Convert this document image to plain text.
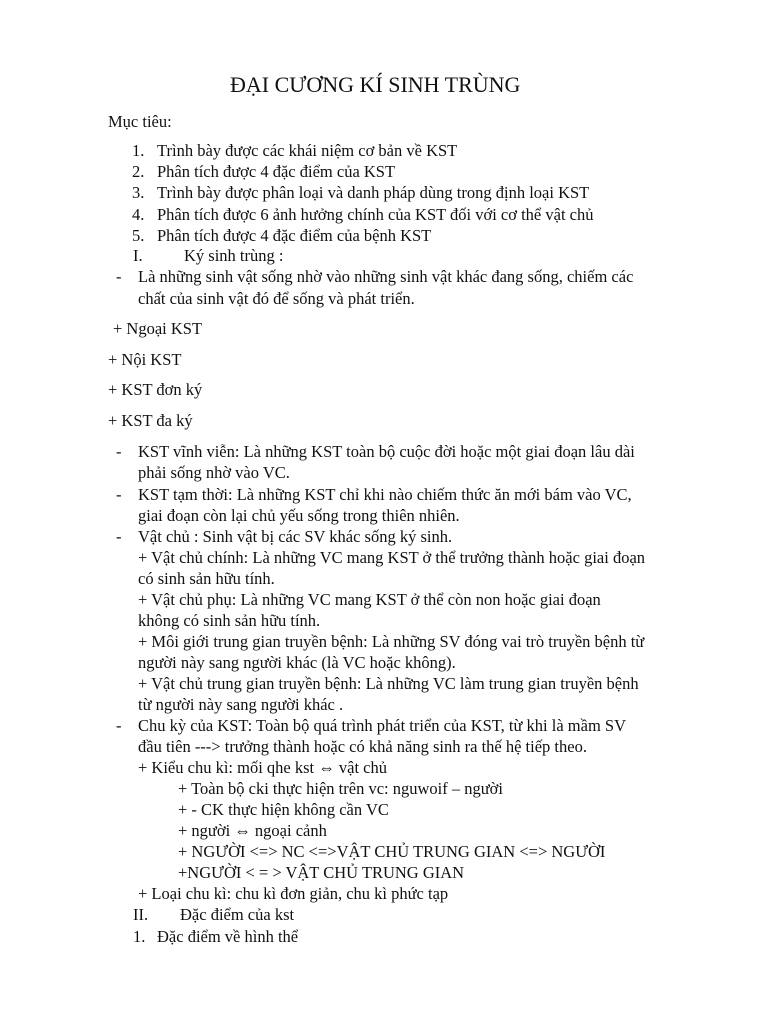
ĐẠI CƯƠNG KÍ SINH TRÙNG
Mục tiêu:
1. Trình bày được các khái niệm cơ bản về KST
2. Phân tích được 4 đặc điểm của KST
3. Trình bày được phân loại và danh pháp dùng trong định loại KST
4. Phân tích được 6 ảnh hưởng chính của KST đối với cơ thể vật chủ
5. Phân tích được 4 đặc điểm của bệnh KST
I.	Ký sinh trùng :
- Là những sinh vật sống nhờ vào những sinh vật khác đang sống, chiếm các
chất của sinh vật đó để sống và phát triển.
+ Ngoại KST
+ Nội KST
+ KST đơn ký
+ KST đa ký
- KST vĩnh viễn: Là những KST toàn bộ cuộc đời hoặc một giai đoạn lâu dài
phải sống nhờ vào VC.
- KST tạm thời: Là những KST chỉ khi nào chiếm thức ăn mới bám vào VC,
giai đoạn còn lại chủ yếu sống trong thiên nhiên.
- Vật chủ : Sinh vật bị các SV khác sống ký sinh.
+ Vật chủ chính: Là những VC mang KST ở thể trưởng thành hoặc giai đoạn
có sinh sản hữu tính.
+ Vật chủ phụ: Là những VC mang KST ở thể còn non hoặc giai đoạn
không có sinh sản hữu tính.
+ Môi giới trung gian truyền bệnh: Là những SV đóng vai trò truyền bệnh từ
người này sang người khác (là VC hoặc không).
+ Vật chủ trung gian truyền bệnh: Là những VC làm trung gian truyền bệnh
từ người này sang người khác .
- Chu kỳ của KST: Toàn bộ quá trình phát triển của KST, từ khi là mầm SV
đầu tiên ---> trưởng thành hoặc có khả năng sinh ra thế hệ tiếp theo.
+ Kiểu chu kì: mối qhe kst ⇔ vật chủ
+ Toàn bộ cki thực hiện trên vc: nguwoif – người
+ - CK thực hiện không cần VC
+ người ⇔ ngoại cảnh
+ NGƯỜI <=> NC <=>VẬT CHỦ TRUNG GIAN <=> NGƯỜI
+NGƯỜI < = > VẬT CHỦ TRUNG GIAN
+ Loại chu kì: chu kì đơn giản, chu kì phức tạp
II. Đặc điểm của kst
1. Đặc điểm về hình thể
